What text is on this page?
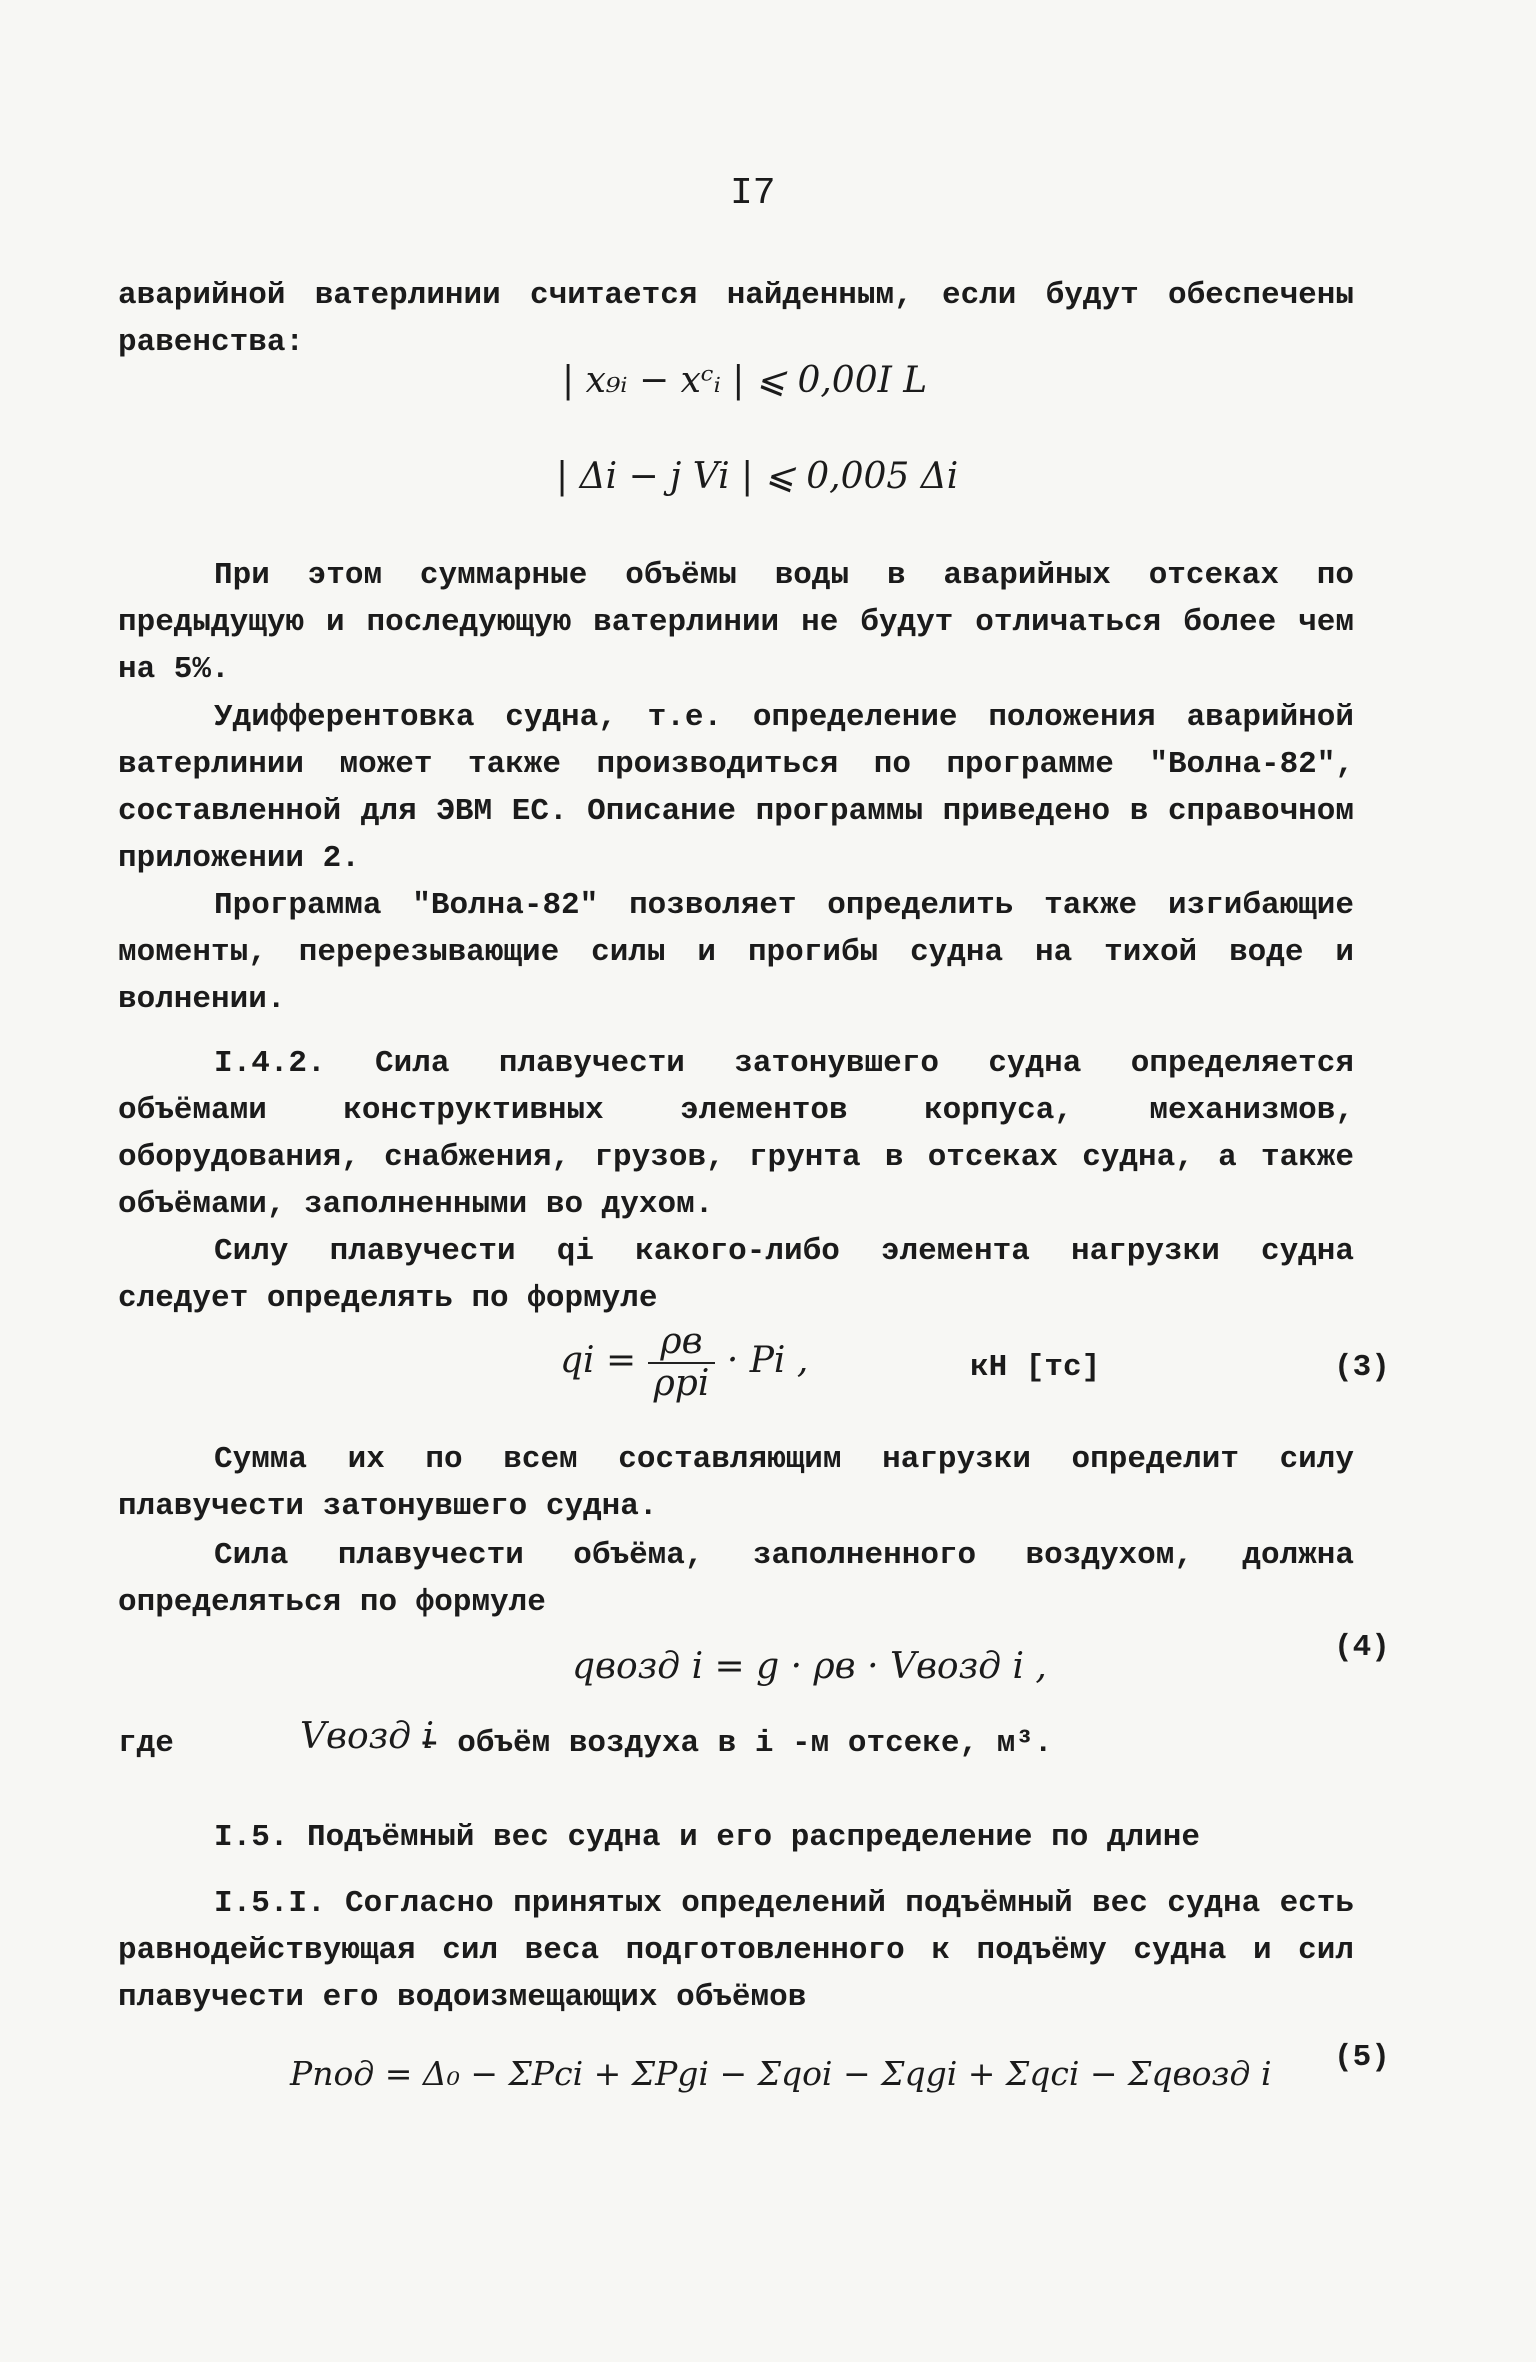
I7
аварийной ватерлинии считается найденным, если будут обеспечены равенства:
| x₉ᵢ − xᶜᵢ | ⩽ 0,00I L
| Δi − j Vi | ⩽ 0,005 Δi
При этом суммарные объёмы воды в аварийных отсеках по предыдущую и последующую ватерлинии не будут отличаться более чем на 5%.
Удифферентовка судна, т.е. определение положения аварийной ватерлинии может также производиться по программе "Волна-82", составленной для ЭВМ ЕС. Описание программы приведено в справочном приложении 2.
Программа "Волна-82" позволяет определить также изгибающие моменты, перерезывающие силы и прогибы судна на тихой воде и волнении.
I.4.2. Сила плавучести затонувшего судна определяется объёмами конструктивных элементов корпуса, механизмов, оборудования, снабжения, грузов, грунта в отсеках судна, а также объёмами, заполненными во духом.
Силу плавучести qi какого-либо элемента нагрузки судна следует определять по формуле
qi = $\frac{\rho в}{\text{ρpi}} \cdot Pi$ ,	кН [тс]	(3)
Сумма их по всем составляющим нагрузки определит силу плавучести затонувшего судна.
Сила плавучести объёма, заполненного воздухом, должна определяться по формуле
qвозд i = g · ρв · Vвозд i ,	(4)
где	Vвозд i
– объём воздуха в i -м отсеке, м³.
I.5. Подъёмный вес судна и его распределение по длине
I.5.I. Согласно принятых определений подъёмный вес судна есть равнодействующая сил веса подготовленного к подъёму судна и сил плавучести его водоизмещающих объёмов
Pпод = Δ₀ − ΣPci + ΣPgi − Σqoi − Σqgi + Σqci − Σqвозд i (5)
